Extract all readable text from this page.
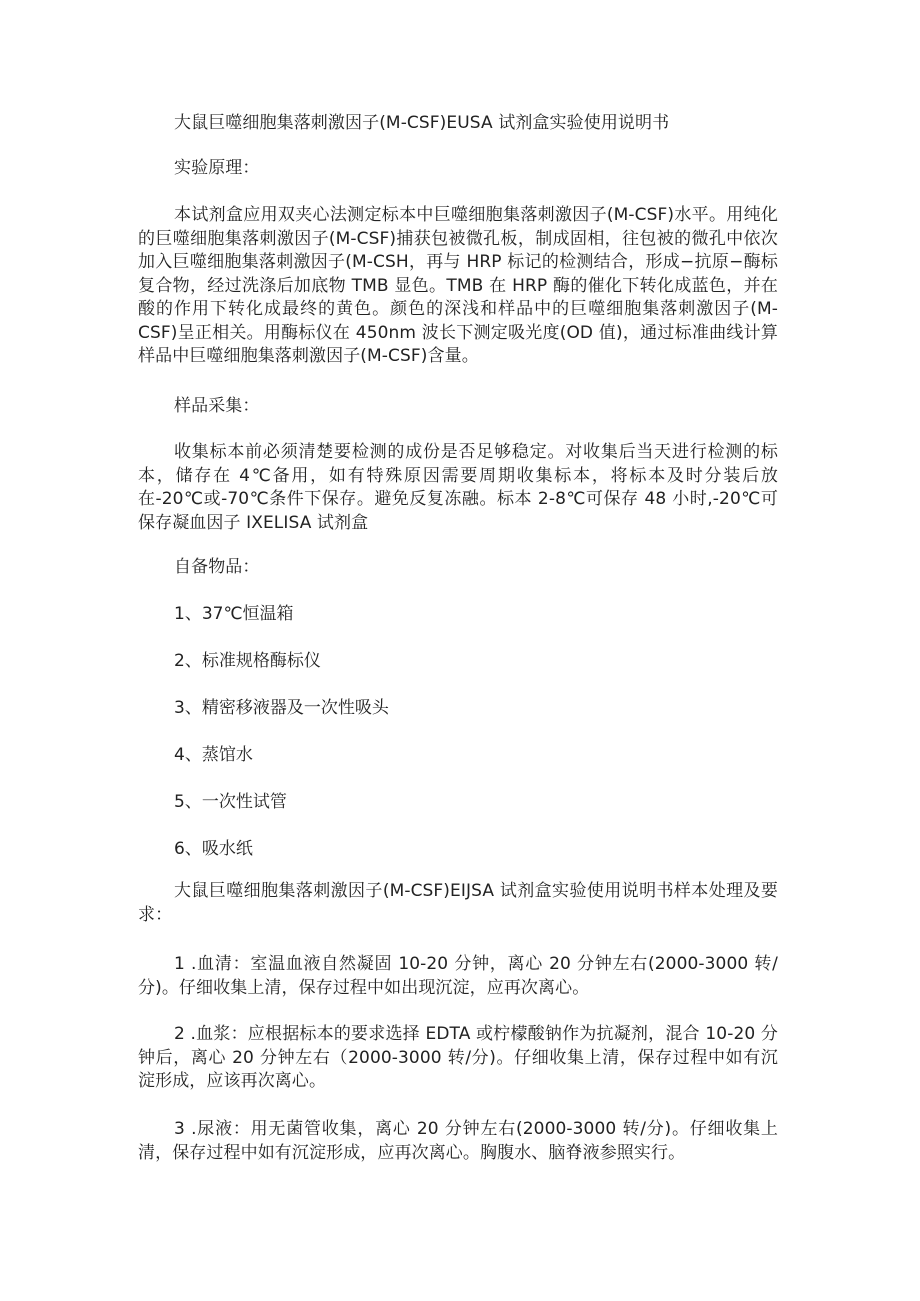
大鼠巨噬细胞集落刺激因子(M-CSF)EUSA 试剂盒实验使用说明书

实验原理：

本试剂盒应用双夹心法测定标本中巨噬细胞集落刺激因子(M-CSF)水平。用纯化的巨噬细胞集落刺激因子(M-CSF)捕获包被微孔板，制成固相，往包被的微孔中依次加入巨噬细胞集落刺激因子(M-CSH，再与 HRP 标记的检测结合，形成−抗原−酶标复合物，经过洗涤后加底物 TMB 显色。TMB 在 HRP 酶的催化下转化成蓝色，并在酸的作用下转化成最终的黄色。颜色的深浅和样品中的巨噬细胞集落刺激因子(M-CSF)呈正相关。用酶标仪在 450nm 波长下测定吸光度(OD 值)，通过标准曲线计算样品中巨噬细胞集落刺激因子(M-CSF)含量。

样品采集：

收集标本前必须清楚要检测的成份是否足够稳定。对收集后当天进行检测的标本，储存在 4℃备用，如有特殊原因需要周期收集标本，将标本及时分装后放在-20℃或-70℃条件下保存。避免反复冻融。标本 2-8℃可保存 48 小时,-20℃可保存凝血因子 IXELISA 试剂盒

自备物品：

1、37℃恒温箱
2、标准规格酶标仪
3、精密移液器及一次性吸头
4、蒸馆水
5、一次性试管
6、吸水纸

大鼠巨噬细胞集落刺激因子(M-CSF)EIJSA 试剂盒实验使用说明书样本处理及要求：

1 .血清：室温血液自然凝固 10-20 分钟，离心 20 分钟左右(2000-3000 转/分)。仔细收集上清，保存过程中如出现沉淀，应再次离心。

2 .血浆：应根据标本的要求选择 EDTA 或柠檬酸钠作为抗凝剂，混合 10-20 分钟后，离心 20 分钟左右（2000-3000 转/分)。仔细收集上清，保存过程中如有沉淀形成，应该再次离心。

3 .尿液：用无菌管收集，离心 20 分钟左右(2000-3000 转/分)。仔细收集上清，保存过程中如有沉淀形成，应再次离心。胸腹水、脑脊液参照实行。
